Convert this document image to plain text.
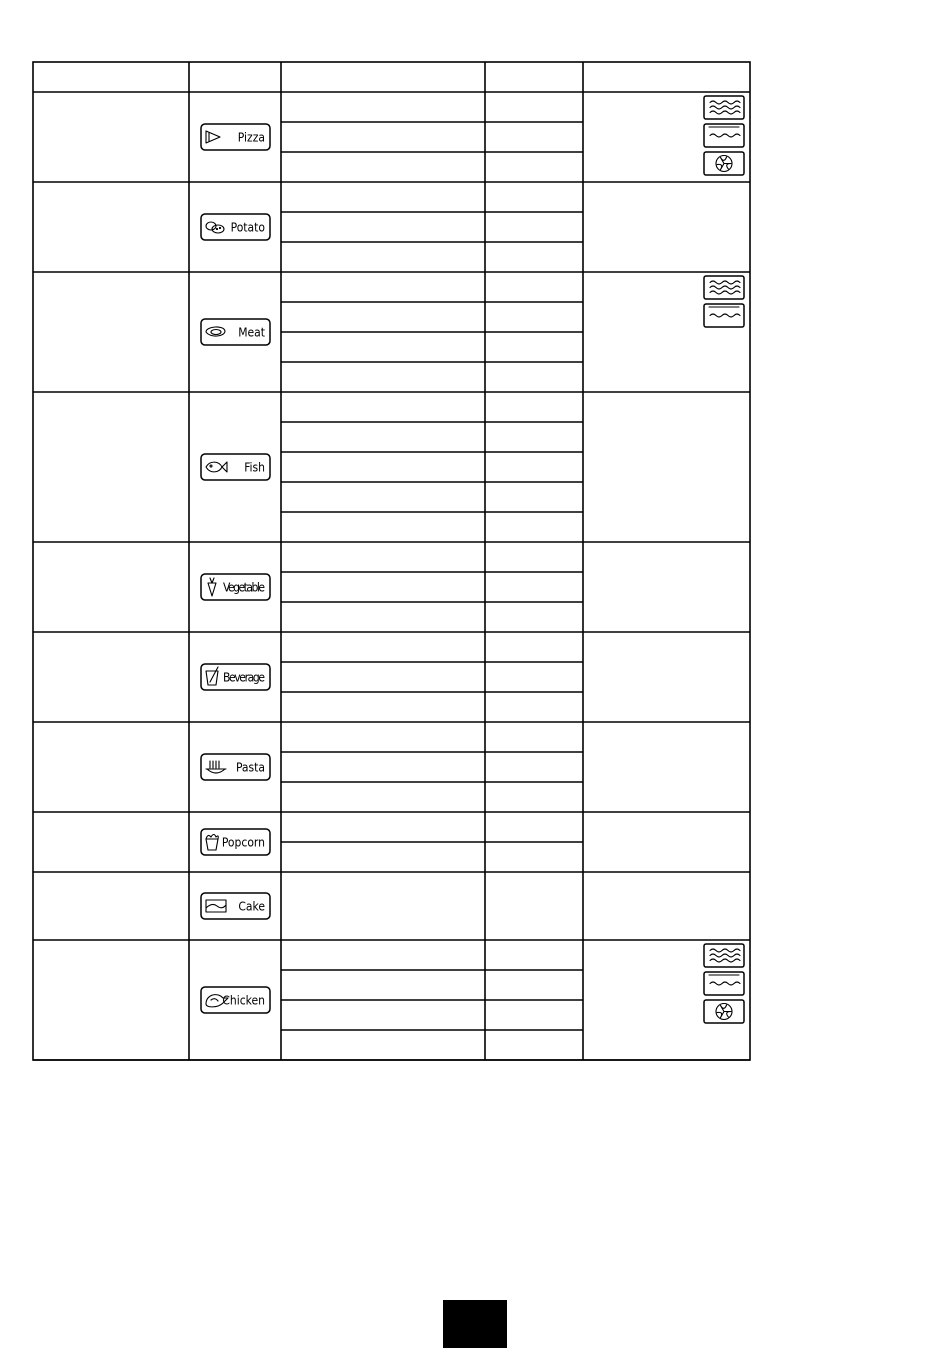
Pizza
Potato
Meat
Fish
Vegetable
Beverage
Pasta
Popcorn
Cake
Chicken
